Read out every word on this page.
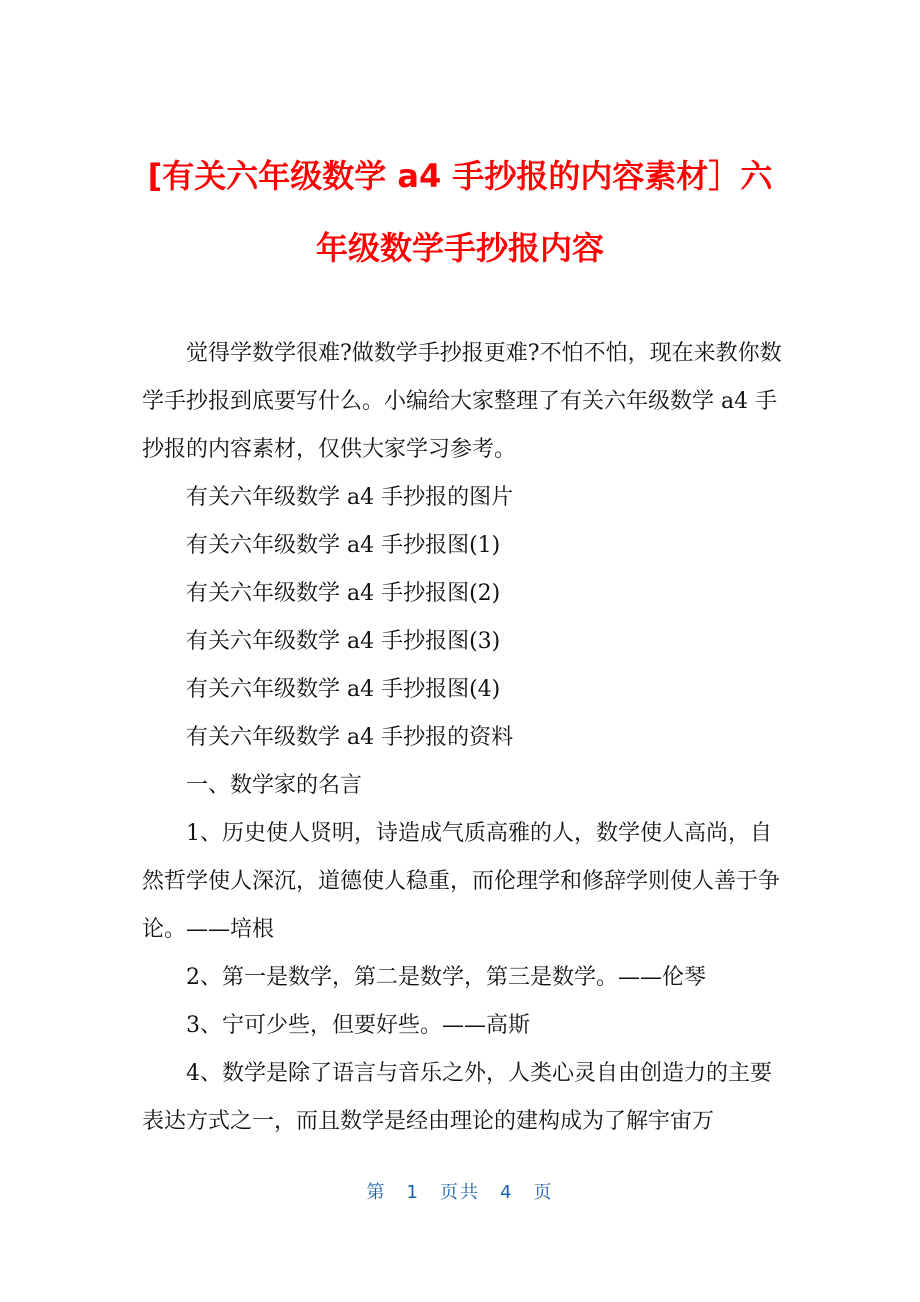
[有关六年级数学 a4 手抄报的内容素材］六
年级数学手抄报内容

觉得学数学很难?做数学手抄报更难?不怕不怕，现在来教你数学手抄报到底要写什么。小编给大家整理了有关六年级数学 a4 手抄报的内容素材，仅供大家学习参考。

有关六年级数学 a4 手抄报的图片

有关六年级数学 a4 手抄报图(1)

有关六年级数学 a4 手抄报图(2)

有关六年级数学 a4 手抄报图(3)

有关六年级数学 a4 手抄报图(4)

有关六年级数学 a4 手抄报的资料

一、数学家的名言

1、历史使人贤明，诗造成气质高雅的人，数学使人高尚，自然哲学使人深沉，道德使人稳重，而伦理学和修辞学则使人善于争论。——培根

2、第一是数学，第二是数学，第三是数学。——伦琴

3、宁可少些，但要好些。——高斯

4、数学是除了语言与音乐之外，人类心灵自由创造力的主要表达方式之一，而且数学是经由理论的建构成为了解宇宙万

第 1 页共 4 页
